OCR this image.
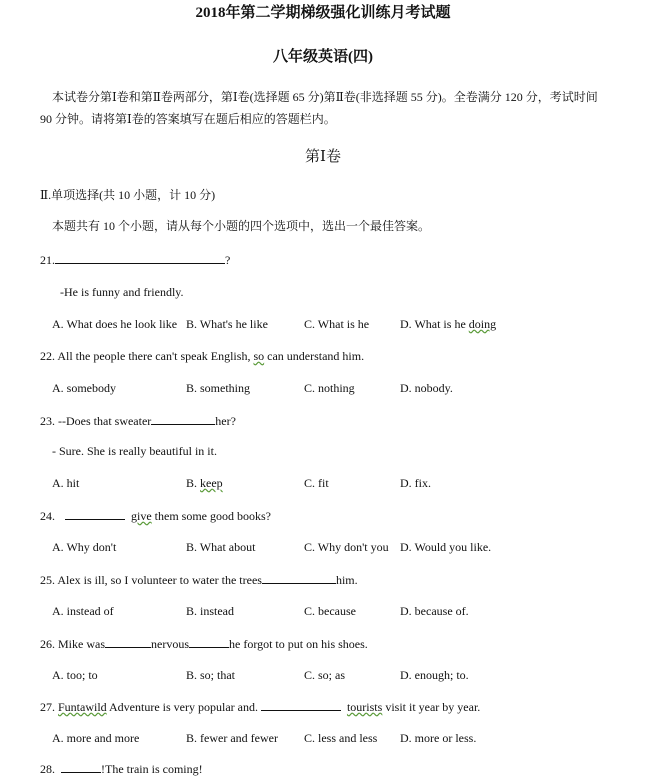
2018年第二学期梯级强化训练月考试题
八年级英语(四)
本试卷分第Ⅰ卷和第Ⅱ卷两部分，第Ⅰ卷(选择题 65 分)第Ⅱ卷(非选择题 55 分)。全卷满分 120 分，考试时间 90 分钟。请将第Ⅰ卷的答案填写在题后相应的答题栏内。
第Ⅰ卷
Ⅱ.单项选择(共 10 小题，计 10 分)
本题共有 10 个小题，请从每个小题的四个选项中，选出一个最佳答案。
21.	?
-He is funny and friendly.
A. What does he look like B. What's he like	C. What is he	D. What is he doing
22. All the people there can't speak English, so can understand him.
A. somebody	B. something	C. nothing	D. nobody.
23. --Does that sweater	her?
- Sure. She is really beautiful in it.
A. hit	B. keep	C. fit	D. fix.
24.	give them some good books?
A. Why don't	B. What about	C. Why don't you D. Would you like.
25. Alex is ill, so I volunteer to water the trees	him.
A. instead of	B. instead	C. because	D. because of.
26. Mike was	nervous	he forgot to put on his shoes.
A. too; to	B. so; that	C. so; as	D. enough; to.
27. Funtawild Adventure is very popular and.	tourists visit it year by year.
A. more and more	B. fewer and fewer C. less and less D. more or less.
28.	!The train is coming!
